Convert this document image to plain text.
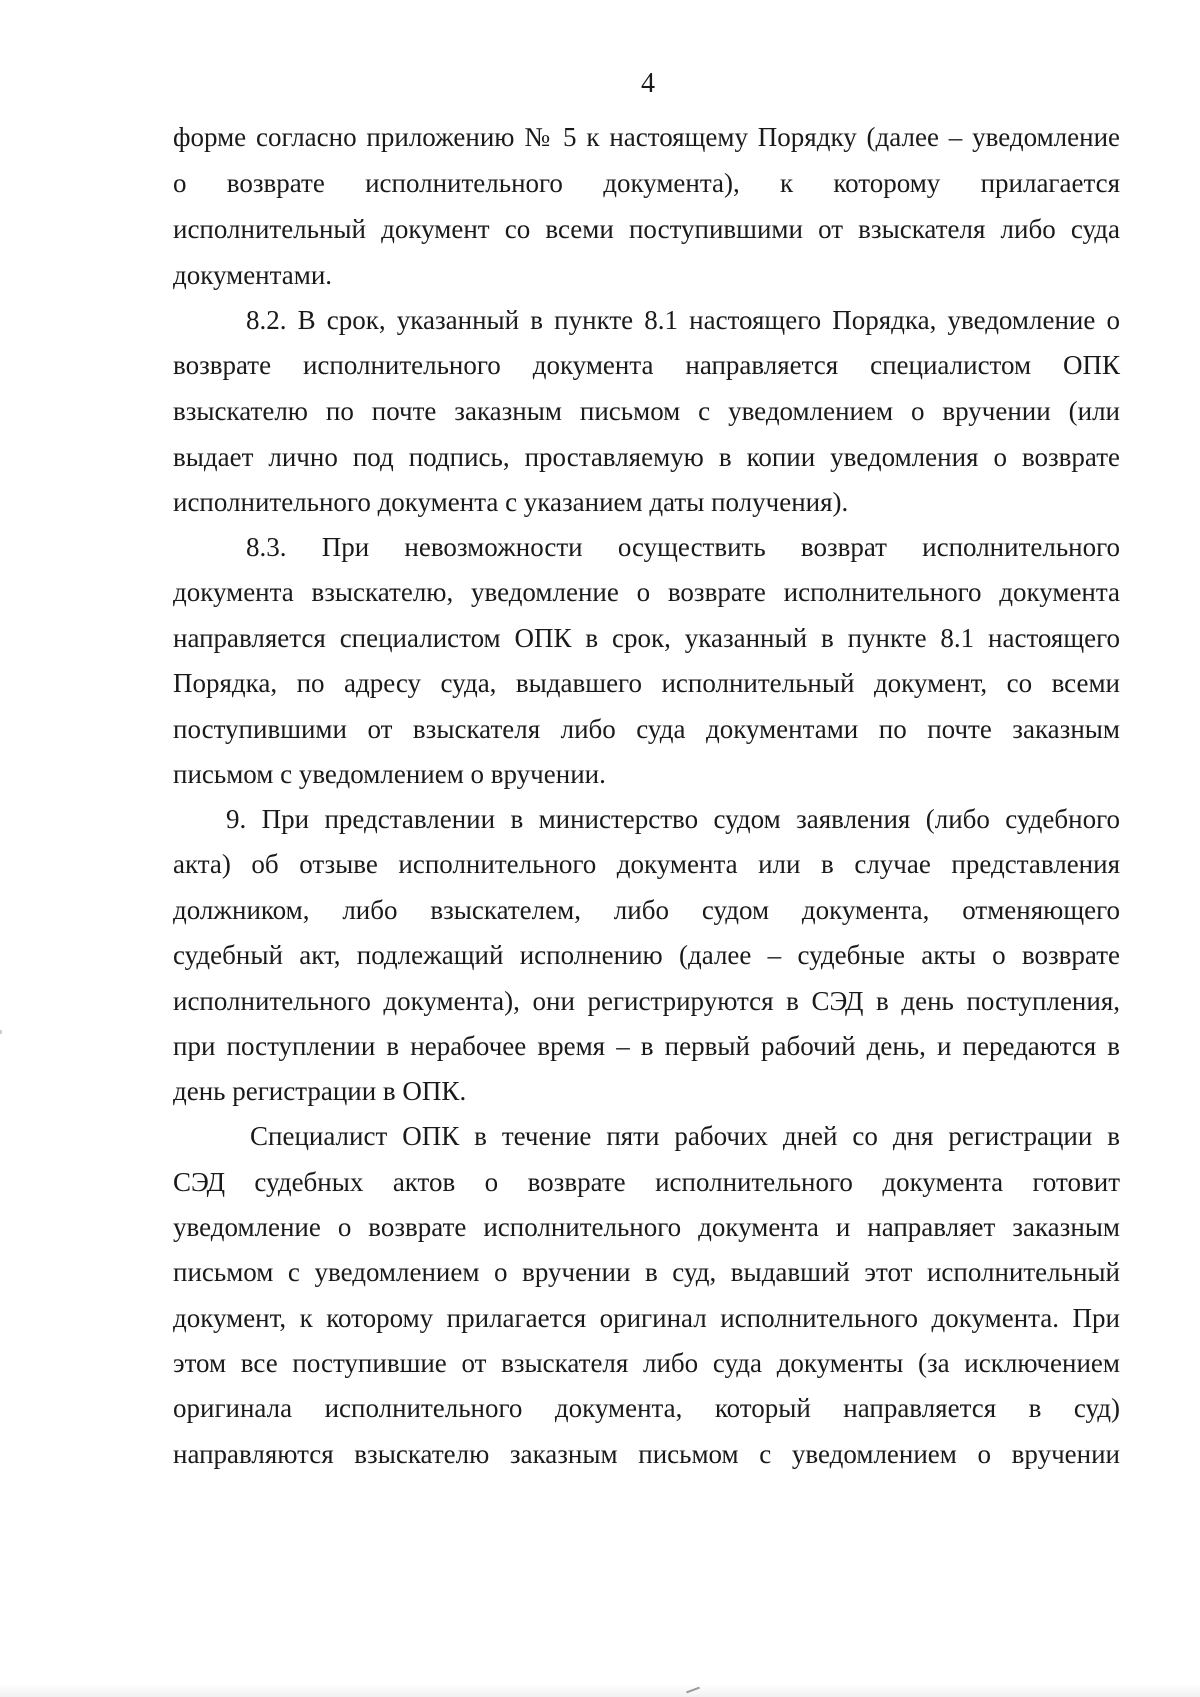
4
форме согласно приложению № 5 к настоящему Порядку (далее – уведомление
о возврате исполнительного документа), к которому прилагается
исполнительный документ со всеми поступившими от взыскателя либо суда
документами.
8.2. В срок, указанный в пункте 8.1 настоящего Порядка, уведомление о
возврате исполнительного документа направляется специалистом ОПК
взыскателю по почте заказным письмом с уведомлением о вручении (или
выдает лично под подпись, проставляемую в копии уведомления о возврате
исполнительного документа с указанием даты получения).
8.3. При невозможности осуществить возврат исполнительного
документа взыскателю, уведомление о возврате исполнительного документа
направляется специалистом ОПК в срок, указанный в пункте 8.1 настоящего
Порядка, по адресу суда, выдавшего исполнительный документ, со всеми
поступившими от взыскателя либо суда документами по почте заказным
письмом с уведомлением о вручении.
9. При представлении в министерство судом заявления (либо судебного
акта) об отзыве исполнительного документа или в случае представления
должником, либо взыскателем, либо судом документа, отменяющего
судебный акт, подлежащий исполнению (далее – судебные акты о возврате
исполнительного документа), они регистрируются в СЭД в день поступления,
при поступлении в нерабочее время – в первый рабочий день, и передаются в
день регистрации в ОПК.
Специалист ОПК в течение пяти рабочих дней со дня регистрации в
СЭД судебных актов о возврате исполнительного документа готовит
уведомление о возврате исполнительного документа и направляет заказным
письмом с уведомлением о вручении в суд, выдавший этот исполнительный
документ, к которому прилагается оригинал исполнительного документа. При
этом все поступившие от взыскателя либо суда документы (за исключением
оригинала исполнительного документа, который направляется в суд)
направляются взыскателю заказным письмом с уведомлением о вручении
